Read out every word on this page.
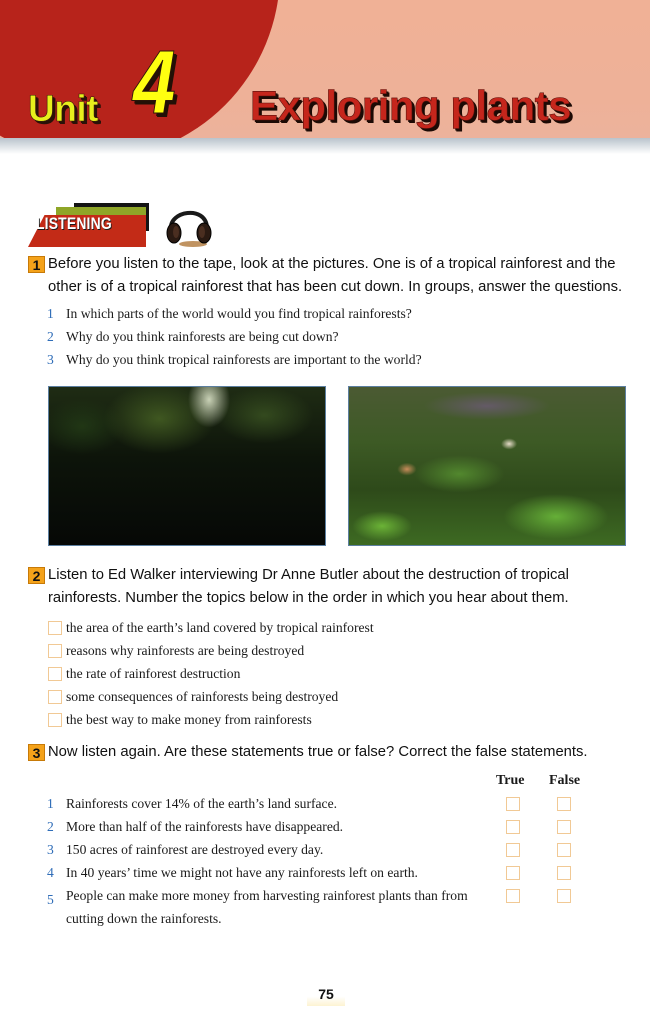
Unit 4 Exploring plants
LISTENING
1 Before you listen to the tape, look at the pictures. One is of a tropical rainforest and the
other is of a tropical rainforest that has been cut down. In groups, answer the questions.
1 In which parts of the world would you find tropical rainforests?
2 Why do you think rainforests are being cut down?
3 Why do you think tropical rainforests are important to the world?
2 Listen to Ed Walker interviewing Dr Anne Butler about the destruction of tropical
rainforests. Number the topics below in the order in which you hear about them.
the area of the earth’s land covered by tropical rainforest
reasons why rainforests are being destroyed
the rate of rainforest destruction
some consequences of rainforests being destroyed
the best way to make money from rainforests
3 Now listen again. Are these statements true or false? Correct the false statements.
True False
1 Rainforests cover 14% of the earth’s land surface.
2 More than half of the rainforests have disappeared.
3 150 acres of rainforest are destroyed every day.
4 In 40 years’ time we might not have any rainforests left on earth.
5 People can make more money from harvesting rainforest plants than from cutting down the rainforests.
75
